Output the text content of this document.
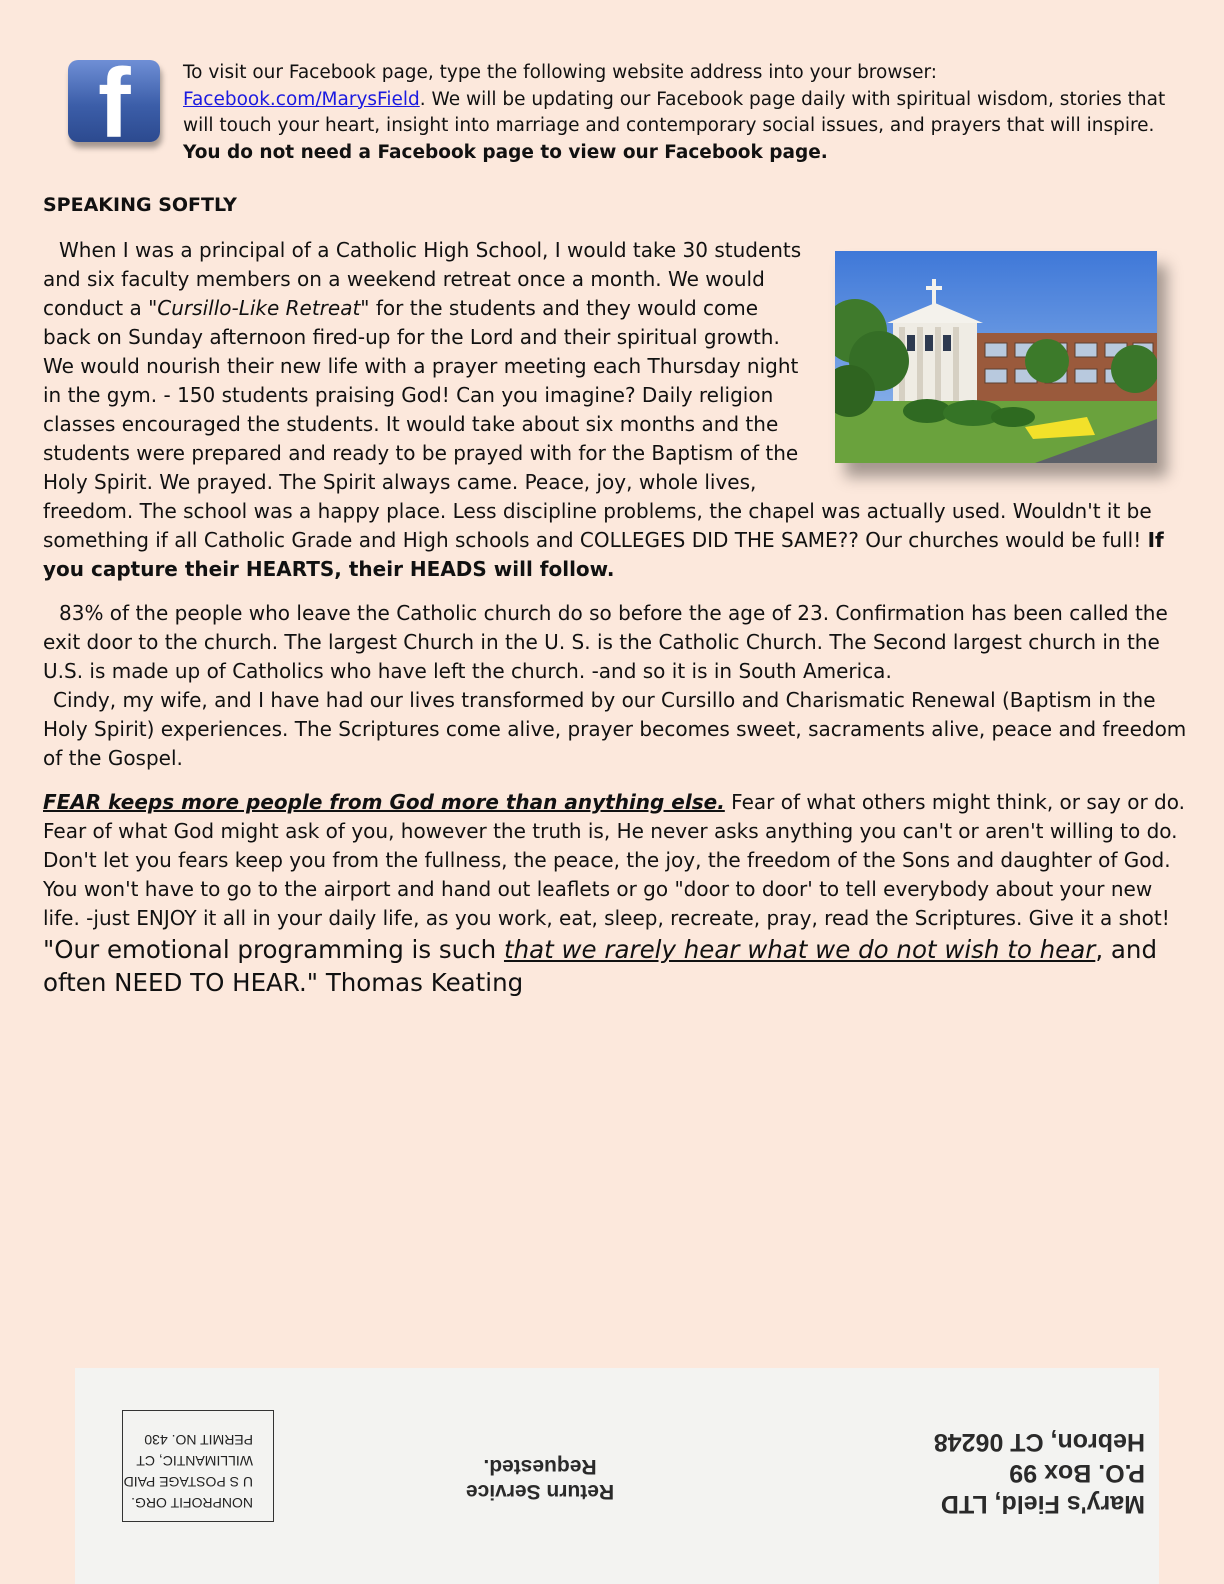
f	To visit our Facebook page, type the following website address into your browser:
Facebook.com/MarysField. We will be updating our Facebook page daily with spiritual wisdom, stories that will touch your heart, insight into marriage and contemporary social issues, and prayers that will inspire.
You do not need a Facebook page to view our Facebook page.
SPEAKING SOFTLY
When I was a principal of a Catholic High School, I would take 30 students and six faculty members on a weekend retreat once a month. We would conduct a "Cursillo-Like Retreat" for the students and they would come back on Sunday afternoon fired-up for the Lord and their spiritual growth. We would nourish their new life with a prayer meeting each Thursday night in the gym. - 150 students praising God! Can you imagine? Daily religion classes encouraged the students. It would take about six months and the students were prepared and ready to be prayed with for the Baptism of the Holy Spirit. We prayed. The Spirit always came. Peace, joy, whole lives, freedom. The school was a happy place. Less discipline problems, the chapel was actually used. Wouldn't it be something if all Catholic Grade and High schools and COLLEGES DID THE SAME?? Our churches would be full! If you capture their HEARTS, their HEADS will follow.
83% of the people who leave the Catholic church do so before the age of 23. Confirmation has been called the exit door to the church. The largest Church in the U. S. is the Catholic Church. The Second largest church in the U.S. is made up of Catholics who have left the church. -and so it is in South America.
Cindy, my wife, and I have had our lives transformed by our Cursillo and Charismatic Renewal (Baptism in the Holy Spirit) experiences. The Scriptures come alive, prayer becomes sweet, sacraments alive, peace and freedom of the Gospel.
FEAR keeps more people from God more than anything else. Fear of what others might think, or say or do. Fear of what God might ask of you, however the truth is, He never asks anything you can't or aren't willing to do. Don't let you fears keep you from the fullness, the peace, the joy, the freedom of the Sons and daughter of God. You won't have to go to the airport and hand out leaflets or go "door to door' to tell everybody about your new life. -just ENJOY it all in your daily life, as you work, eat, sleep, recreate, pray, read the Scriptures. Give it a shot!
"Our emotional programming is such that we rarely hear what we do not wish to hear, and often NEED TO HEAR." Thomas Keating
Mary's Field, LTD
P.O. Box 99
Hebron, CT 06248
Return Service
Requested.
NONPROFIT ORG.
U S POSTAGE PAID
WILLIMANTIC, CT
PERMIT NO. 430
